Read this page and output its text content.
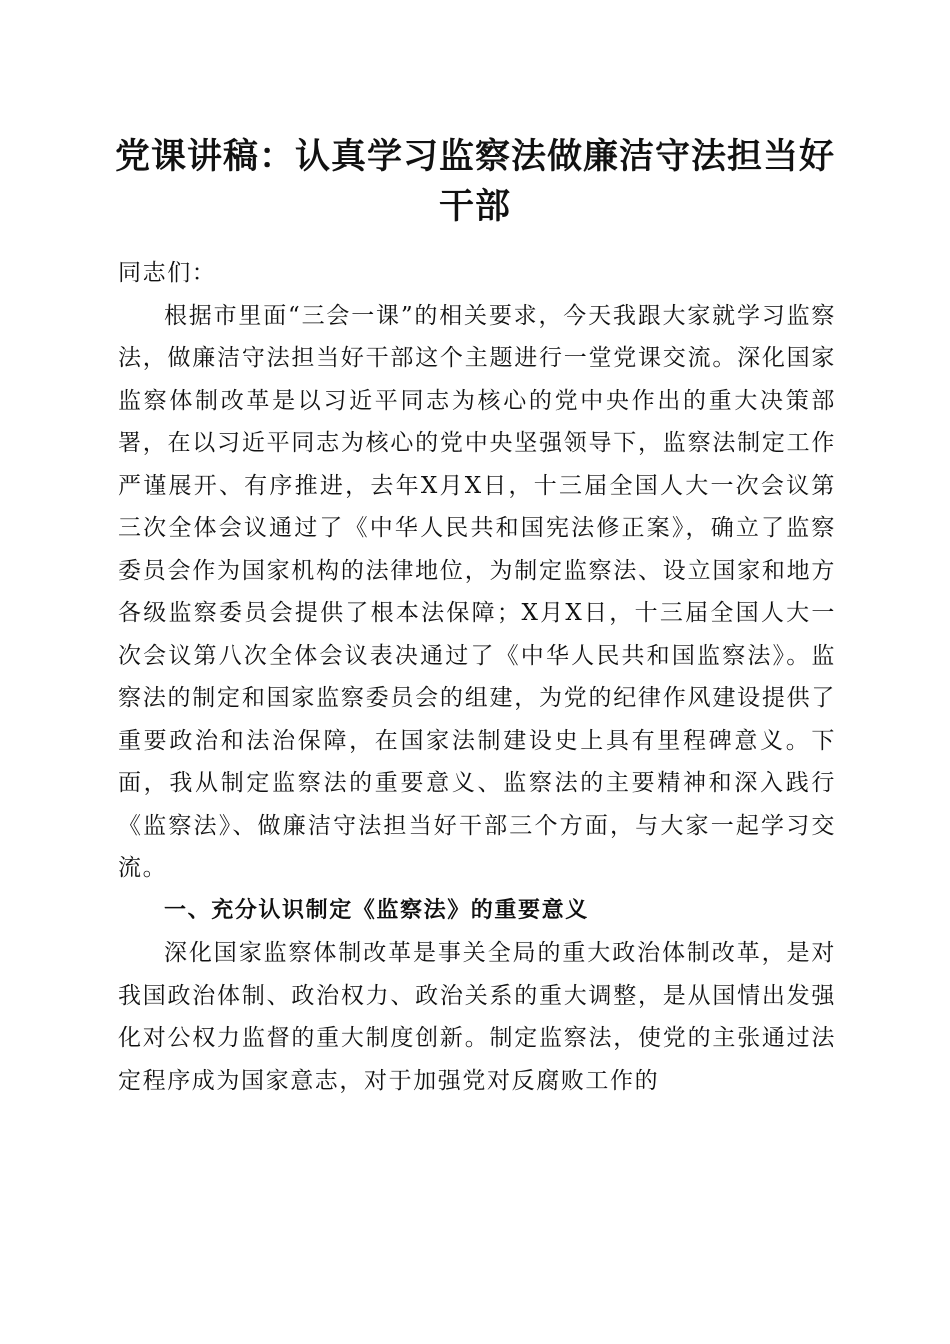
党课讲稿：认真学习监察法做廉洁守法担当好
干部

同志们：

根据市里面“三会一课”的相关要求，今天我跟大家就学习监察法，做廉洁守法担当好干部这个主题进行一堂党课交流。深化国家监察体制改革是以习近平同志为核心的党中央作出的重大决策部署，在以习近平同志为核心的党中央坚强领导下，监察法制定工作严谨展开、有序推进，去年X月X日，十三届全国人大一次会议第三次全体会议通过了《中华人民共和国宪法修正案》，确立了监察委员会作为国家机构的法律地位，为制定监察法、设立国家和地方各级监察委员会提供了根本法保障；X月X日，十三届全国人大一次会议第八次全体会议表决通过了《中华人民共和国监察法》。监察法的制定和国家监察委员会的组建，为党的纪律作风建设提供了重要政治和法治保障，在国家法制建设史上具有里程碑意义。下面，我从制定监察法的重要意义、监察法的主要精神和深入践行《监察法》、做廉洁守法担当好干部三个方面，与大家一起学习交流。

一、充分认识制定《监察法》的重要意义

深化国家监察体制改革是事关全局的重大政治体制改革，是对我国政治体制、政治权力、政治关系的重大调整，是从国情出发强化对公权力监督的重大制度创新。制定监察法，使党的主张通过法定程序成为国家意志，对于加强党对反腐败工作的
